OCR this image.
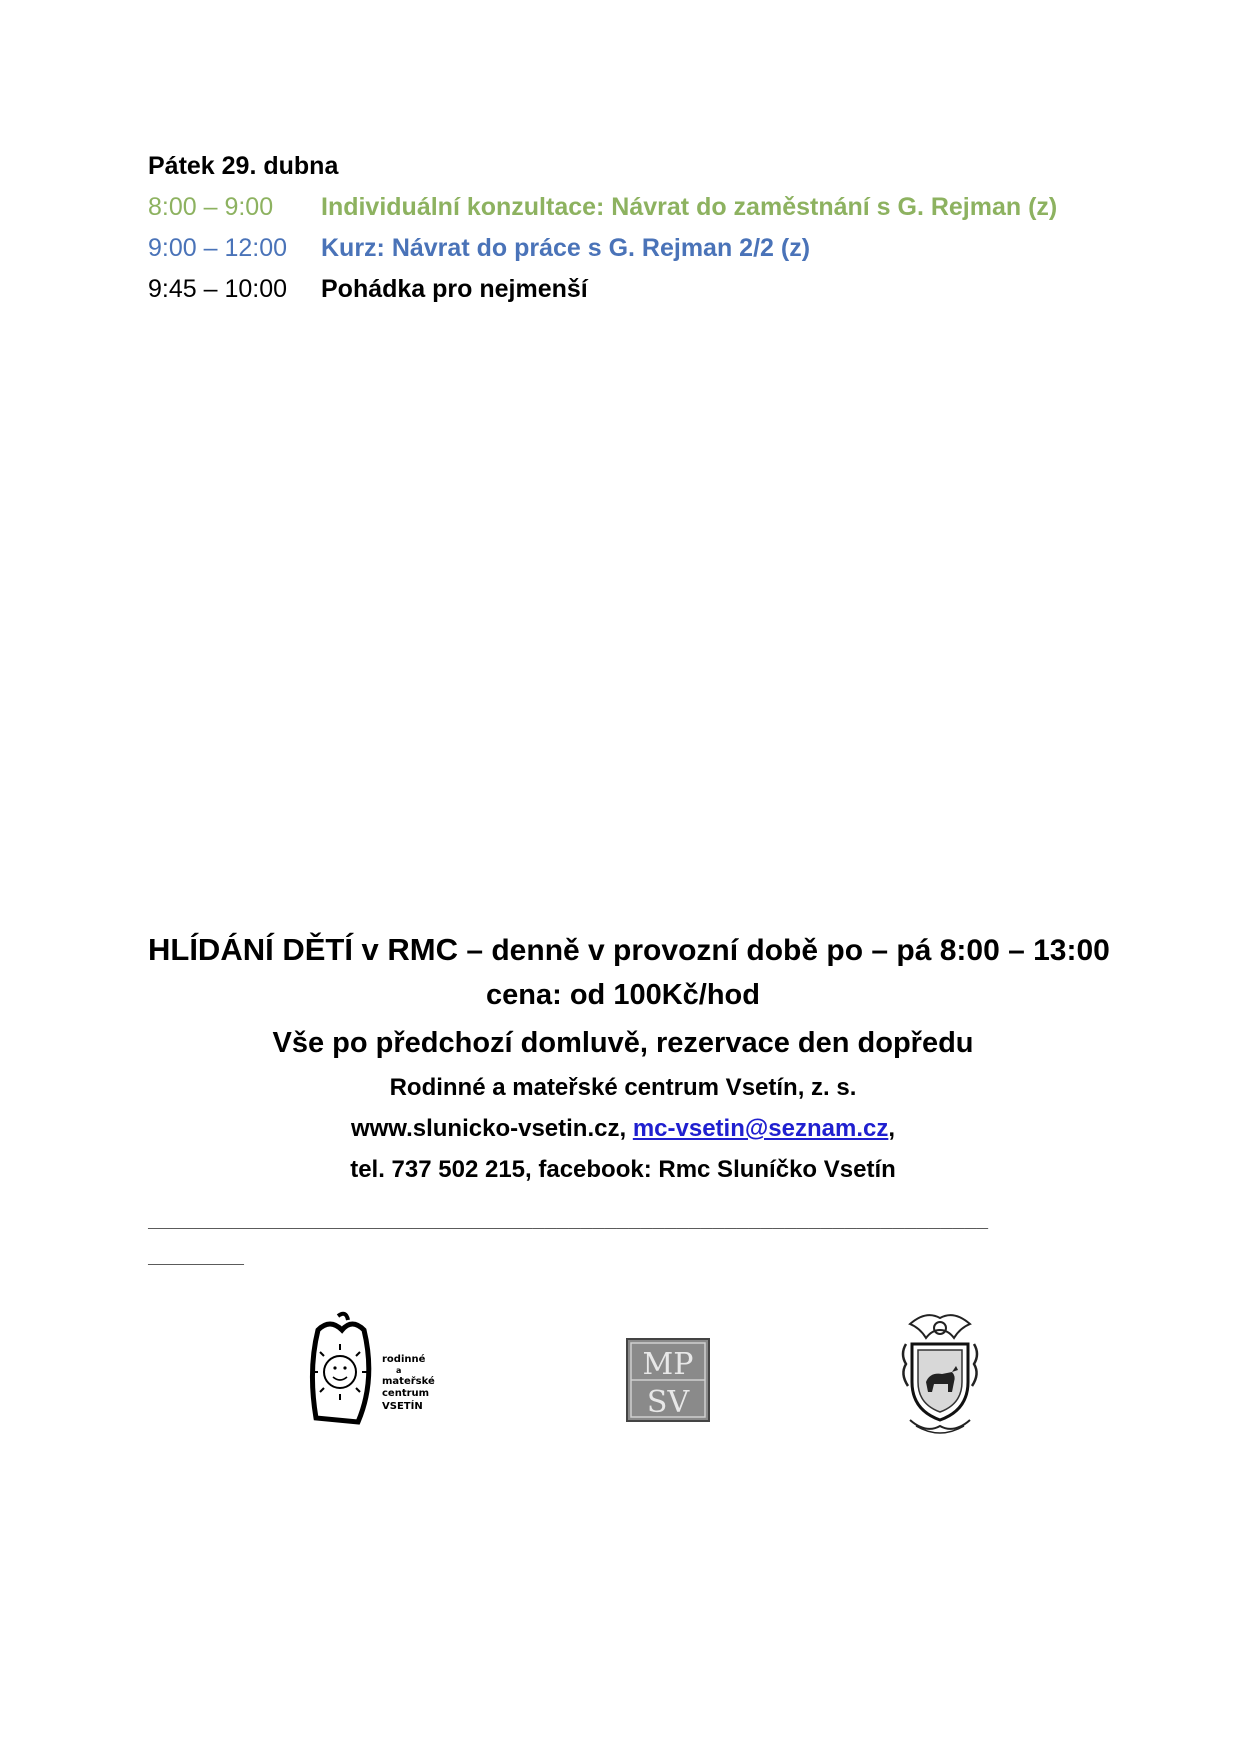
Pátek 29. dubna
8:00 – 9:00	Individuální konzultace: Návrat do zaměstnání s G. Rejman (z)
9:00 – 12:00	Kurz: Návrat do práce s G. Rejman 2/2 (z)
9:45 – 10:00	Pohádka pro nejmenší
HLÍDÁNÍ DĚTÍ v RMC – denně v provozní době po – pá 8:00 – 13:00
cena: od 100Kč/hod
Vše po předchozí domluvě, rezervace den dopředu
Rodinné a mateřské centrum Vsetín, z. s.
www.slunicko-vsetin.cz, mc-vsetin@seznam.cz,
tel. 737 502 215, facebook: Rmc Sluníčko Vsetín
______________________________________________________________________
________
rodinné
a
mateřské
centrum
VSETÍN
MP
SV
